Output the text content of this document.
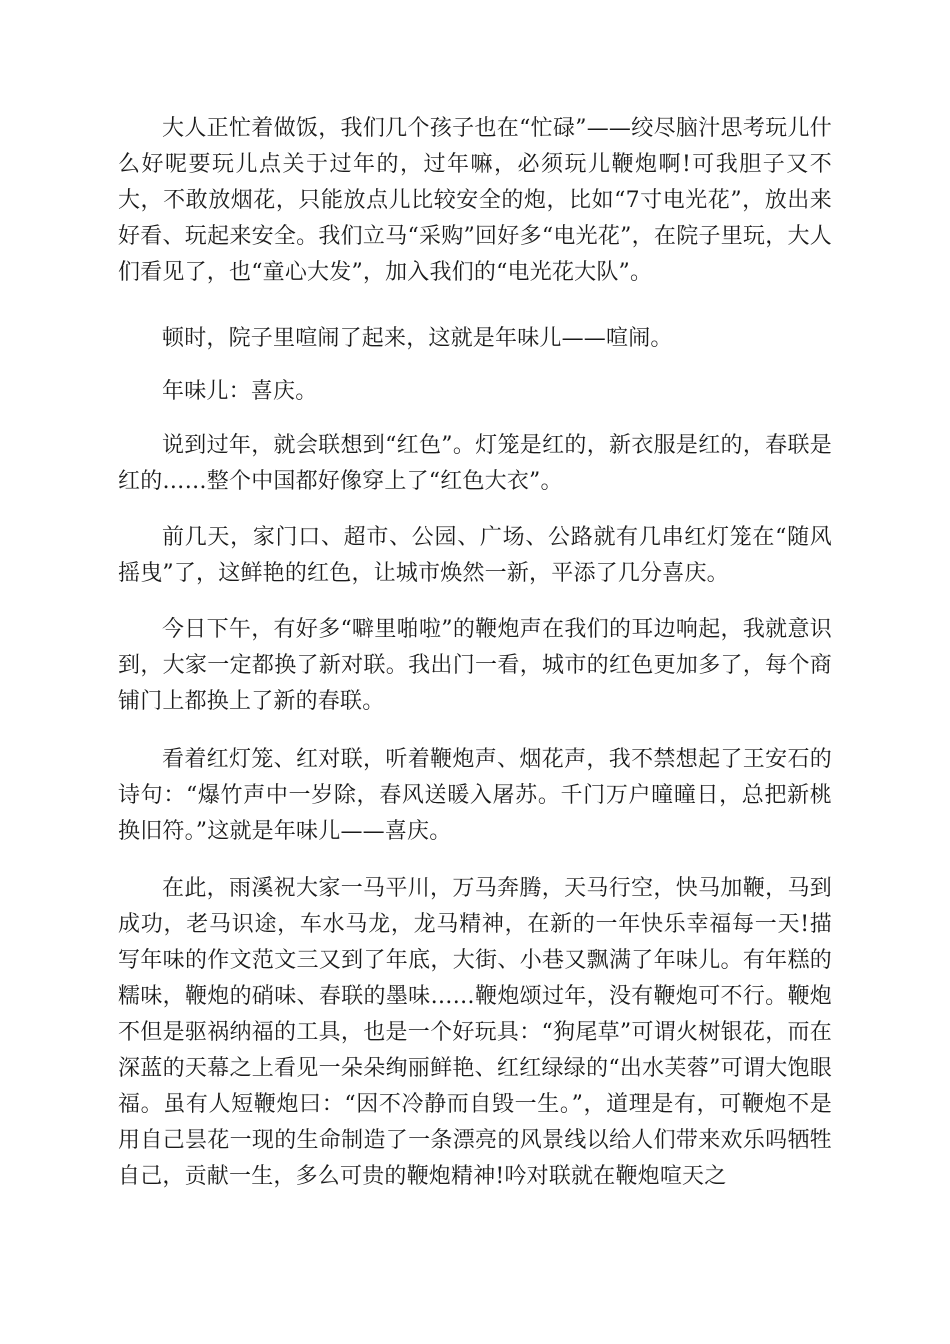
大人正忙着做饭，我们几个孩子也在“忙碌”——绞尽脑汁思考玩儿什么好呢要玩儿点关于过年的，过年嘛，必须玩儿鞭炮啊!可我胆子又不大，不敢放烟花，只能放点儿比较安全的炮，比如“7寸电光花”，放出来好看、玩起来安全。我们立马“采购”回好多“电光花”，在院子里玩，大人们看见了，也“童心大发”，加入我们的“电光花大队”。

顿时，院子里喧闹了起来，这就是年味儿——喧闹。

年味儿：喜庆。

说到过年，就会联想到“红色”。灯笼是红的，新衣服是红的，春联是红的……整个中国都好像穿上了“红色大衣”。

前几天，家门口、超市、公园、广场、公路就有几串红灯笼在“随风摇曳”了，这鲜艳的红色，让城市焕然一新，平添了几分喜庆。

今日下午，有好多“噼里啪啦”的鞭炮声在我们的耳边响起，我就意识到，大家一定都换了新对联。我出门一看，城市的红色更加多了，每个商铺门上都换上了新的春联。

看着红灯笼、红对联，听着鞭炮声、烟花声，我不禁想起了王安石的诗句：“爆竹声中一岁除，春风送暖入屠苏。千门万户曈曈日，总把新桃换旧符。”这就是年味儿——喜庆。

在此，雨溪祝大家一马平川，万马奔腾，天马行空，快马加鞭，马到成功，老马识途，车水马龙，龙马精神，在新的一年快乐幸福每一天!描写年味的作文范文三又到了年底，大街、小巷又飘满了年味儿。有年糕的糯味，鞭炮的硝味、春联的墨味……鞭炮颂过年，没有鞭炮可不行。鞭炮不但是驱祸纳福的工具，也是一个好玩具：“狗尾草”可谓火树银花，而在深蓝的天幕之上看见一朵朵绚丽鲜艳、红红绿绿的“出水芙蓉”可谓大饱眼福。虽有人短鞭炮曰：“因不冷静而自毁一生。”，道理是有，可鞭炮不是用自己昙花一现的生命制造了一条漂亮的风景线以给人们带来欢乐吗牺牲自己，贡献一生，多么可贵的鞭炮精神!吟对联就在鞭炮喧天之
